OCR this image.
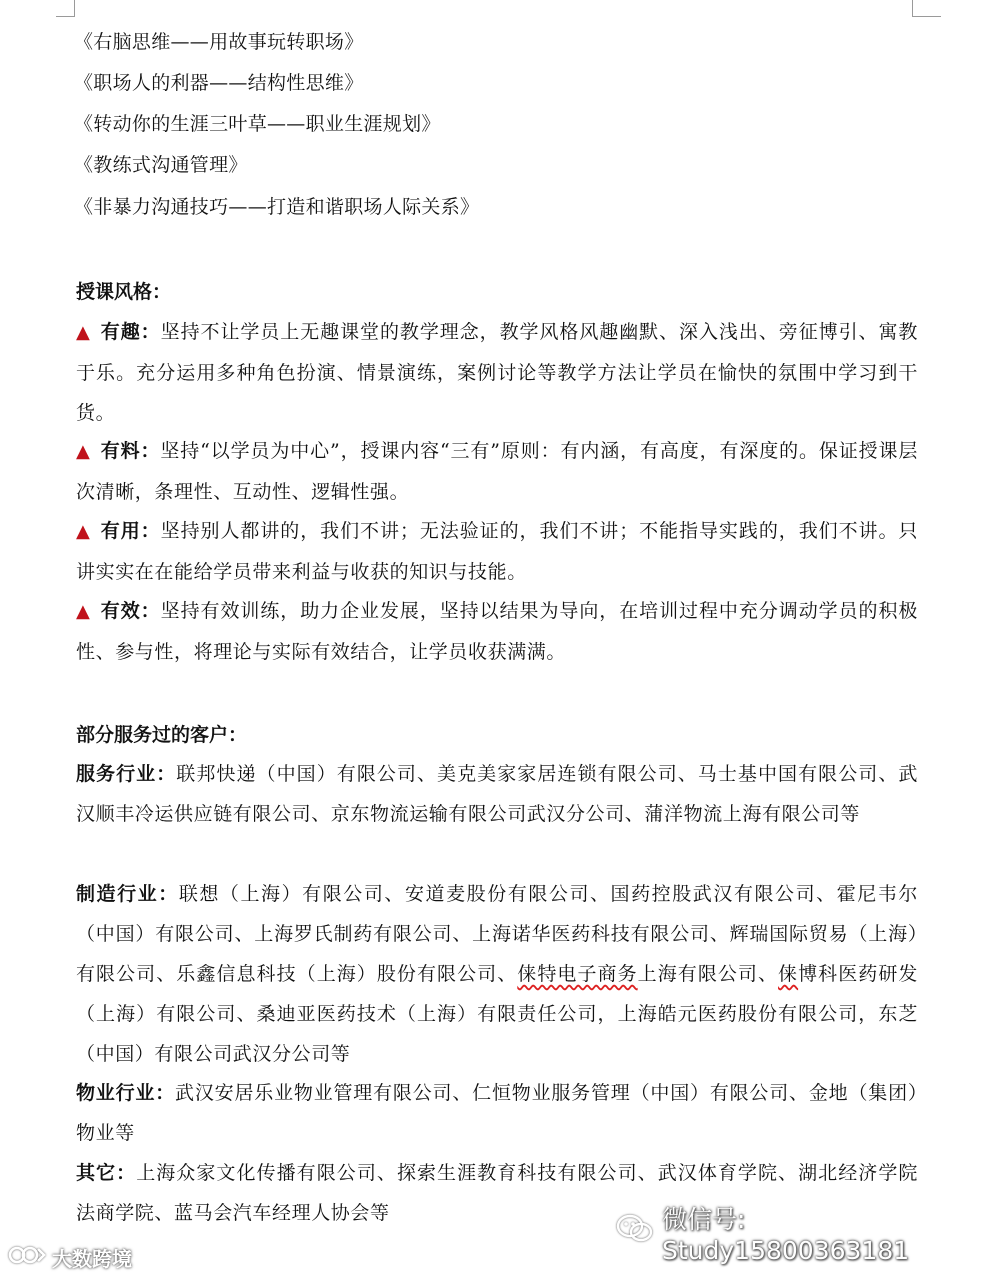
《右脑思维——用故事玩转职场》
《职场人的利器——结构性思维》
《转动你的生涯三叶草——职业生涯规划》
《教练式沟通管理》
《非暴力沟通技巧——打造和谐职场人际关系》
授课风格：
▲ 有趣：坚持不让学员上无趣课堂的教学理念，教学风格风趣幽默、深入浅出、旁征博引、寓教于乐。充分运用多种角色扮演、情景演练，案例讨论等教学方法让学员在愉快的氛围中学习到干货。
▲ 有料：坚持“以学员为中心”，授课内容“三有”原则：有内涵，有高度，有深度的。保证授课层次清晰，条理性、互动性、逻辑性强。
▲ 有用：坚持别人都讲的，我们不讲；无法验证的，我们不讲；不能指导实践的，我们不讲。只讲实实在在能给学员带来利益与收获的知识与技能。
▲ 有效：坚持有效训练，助力企业发展，坚持以结果为导向，在培训过程中充分调动学员的积极性、参与性，将理论与实际有效结合，让学员收获满满。
部分服务过的客户：
服务行业：联邦快递（中国）有限公司、美克美家家居连锁有限公司、马士基中国有限公司、武汉顺丰冷运供应链有限公司、京东物流运输有限公司武汉分公司、蒲洋物流上海有限公司等
制造行业：联想（上海）有限公司、安道麦股份有限公司、国药控股武汉有限公司、霍尼韦尔（中国）有限公司、上海罗氏制药有限公司、上海诺华医药科技有限公司、辉瑞国际贸易（上海）有限公司、乐鑫信息科技（上海）股份有限公司、俫特电子商务上海有限公司、俫博科医药研发（上海）有限公司、桑迪亚医药技术（上海）有限责任公司，上海皓元医药股份有限公司，东芝（中国）有限公司武汉分公司等
物业行业：武汉安居乐业物业管理有限公司、仁恒物业服务管理（中国）有限公司、金地（集团）物业等
其它：上海众家文化传播有限公司、探索生涯教育科技有限公司、武汉体育学院、湖北经济学院法商学院、蓝马会汽车经理人协会等	微信号: Study15800363181
大数跨境
